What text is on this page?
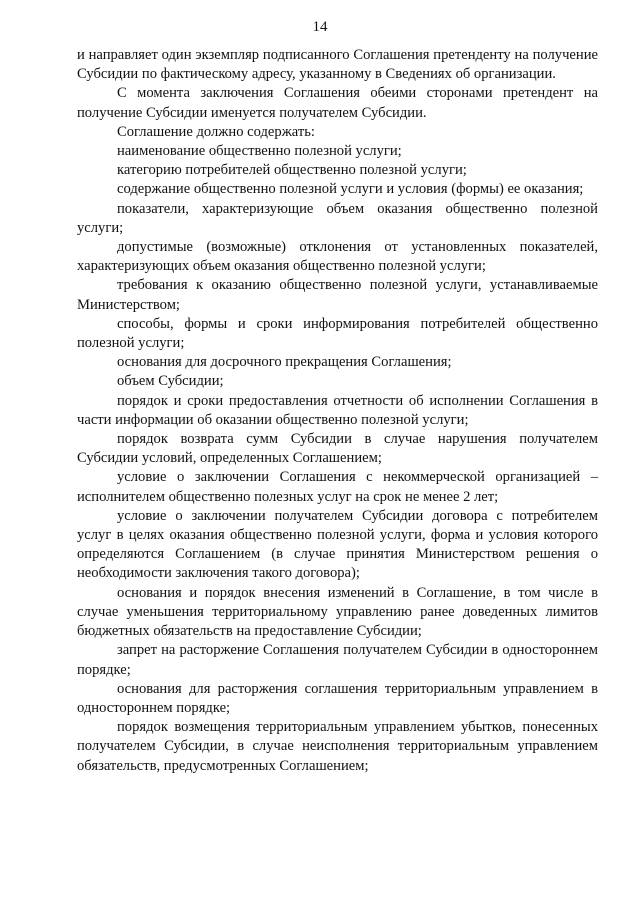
14

и направляет один экземпляр подписанного Соглашения претенденту на получение Субсидии по фактическому адресу, указанному в Сведениях об организации.

С момента заключения Соглашения обеими сторонами претендент на получение Субсидии именуется получателем Субсидии.

Соглашение должно содержать:

наименование общественно полезной услуги;

категорию потребителей общественно полезной услуги;

содержание общественно полезной услуги и условия (формы) ее оказания;

показатели, характеризующие объем оказания общественно полезной услуги;

допустимые (возможные) отклонения от установленных показателей, характеризующих объем оказания общественно полезной услуги;

требования к оказанию общественно полезной услуги, устанавливаемые Министерством;

способы, формы и сроки информирования потребителей общественно полезной услуги;

основания для досрочного прекращения Соглашения;

объем Субсидии;

порядок и сроки предоставления отчетности об исполнении Соглашения в части информации об оказании общественно полезной услуги;

порядок возврата сумм Субсидии в случае нарушения получателем Субсидии условий, определенных Соглашением;

условие о заключении Соглашения с некоммерческой организацией – исполнителем общественно полезных услуг на срок не менее 2 лет;

условие о заключении получателем Субсидии договора с потребителем услуг в целях оказания общественно полезной услуги, форма и условия которого определяются Соглашением (в случае принятия Министерством решения о необходимости заключения такого договора);

основания и порядок внесения изменений в Соглашение, в том числе в случае уменьшения территориальному управлению ранее доведенных лимитов бюджетных обязательств на предоставление Субсидии;

запрет на расторжение Соглашения получателем Субсидии в одностороннем порядке;

основания для расторжения соглашения территориальным управлением в одностороннем порядке;

порядок возмещения территориальным управлением убытков, понесенных получателем Субсидии, в случае неисполнения территориальным управлением обязательств, предусмотренных Соглашением;
